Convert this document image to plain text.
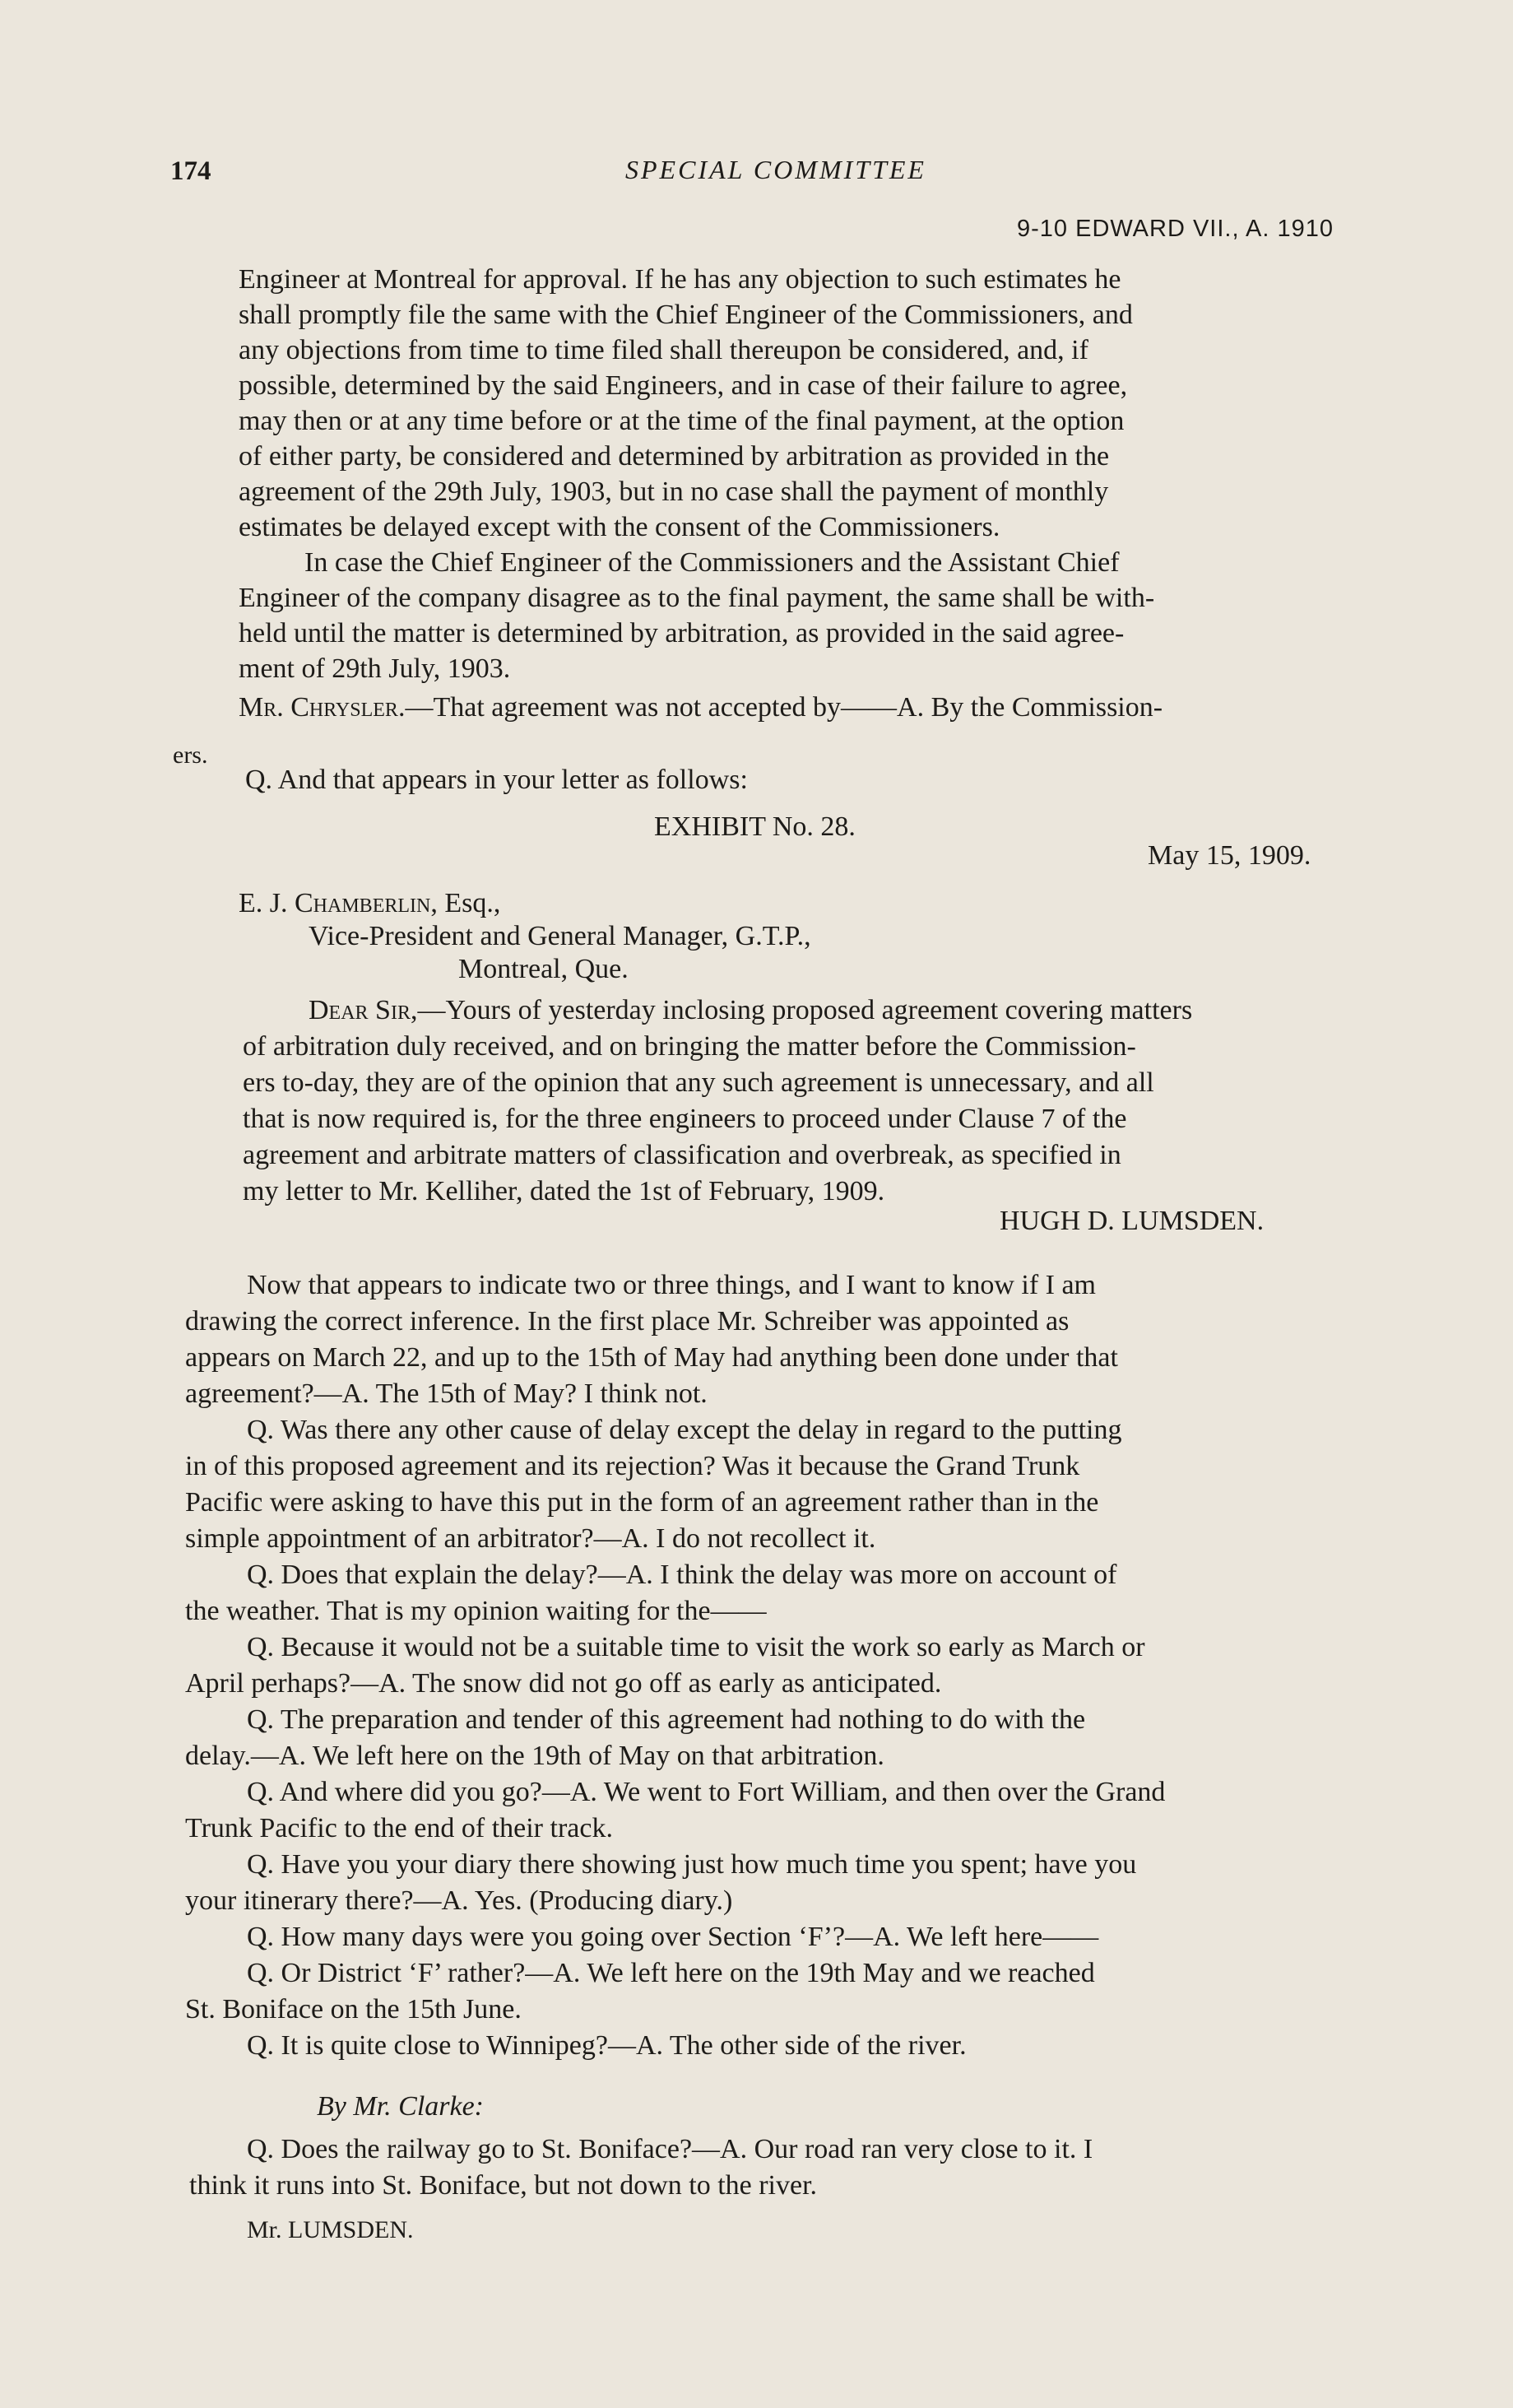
174	SPECIAL COMMITTEE
9-10 EDWARD VII., A. 1910
Engineer at Montreal for approval. If he has any objection to such estimates he
shall promptly file the same with the Chief Engineer of the Commissioners, and
any objections from time to time filed shall thereupon be considered, and, if
possible, determined by the said Engineers, and in case of their failure to agree,
may then or at any time before or at the time of the final payment, at the option
of either party, be considered and determined by arbitration as provided in the
agreement of the 29th July, 1903, but in no case shall the payment of monthly
estimates be delayed except with the consent of the Commissioners.
In case the Chief Engineer of the Commissioners and the Assistant Chief
Engineer of the company disagree as to the final payment, the same shall be with-
held until the matter is determined by arbitration, as provided in the said agree-
ment of 29th July, 1903.
Mr. Chrysler.—That agreement was not accepted by——A. By the Commission-
ers.
Q. And that appears in your letter as follows:
EXHIBIT No. 28.
May 15, 1909.
E. J. Chamberlin, Esq.,
Vice-President and General Manager, G.T.P.,
Montreal, Que.
Dear Sir,—Yours of yesterday inclosing proposed agreement covering matters
of arbitration duly received, and on bringing the matter before the Commission-
ers to-day, they are of the opinion that any such agreement is unnecessary, and all
that is now required is, for the three engineers to proceed under Clause 7 of the
agreement and arbitrate matters of classification and overbreak, as specified in
my letter to Mr. Kelliher, dated the 1st of February, 1909.
HUGH D. LUMSDEN.
Now that appears to indicate two or three things, and I want to know if I am
drawing the correct inference. In the first place Mr. Schreiber was appointed as
appears on March 22, and up to the 15th of May had anything been done under that
agreement?—A. The 15th of May? I think not.
Q. Was there any other cause of delay except the delay in regard to the putting
in of this proposed agreement and its rejection? Was it because the Grand Trunk
Pacific were asking to have this put in the form of an agreement rather than in the
simple appointment of an arbitrator?—A. I do not recollect it.
Q. Does that explain the delay?—A. I think the delay was more on account of
the weather. That is my opinion waiting for the——
Q. Because it would not be a suitable time to visit the work so early as March or
April perhaps?—A. The snow did not go off as early as anticipated.
Q. The preparation and tender of this agreement had nothing to do with the
delay.—A. We left here on the 19th of May on that arbitration.
Q. And where did you go?—A. We went to Fort William, and then over the Grand
Trunk Pacific to the end of their track.
Q. Have you your diary there showing just how much time you spent; have you
your itinerary there?—A. Yes. (Producing diary.)
Q. How many days were you going over Section ‘F’?—A. We left here——
Q. Or District ‘F’ rather?—A. We left here on the 19th May and we reached
St. Boniface on the 15th June.
Q. It is quite close to Winnipeg?—A. The other side of the river.
By Mr. Clarke:
Q. Does the railway go to St. Boniface?—A. Our road ran very close to it. I
think it runs into St. Boniface, but not down to the river.
Mr. LUMSDEN.
